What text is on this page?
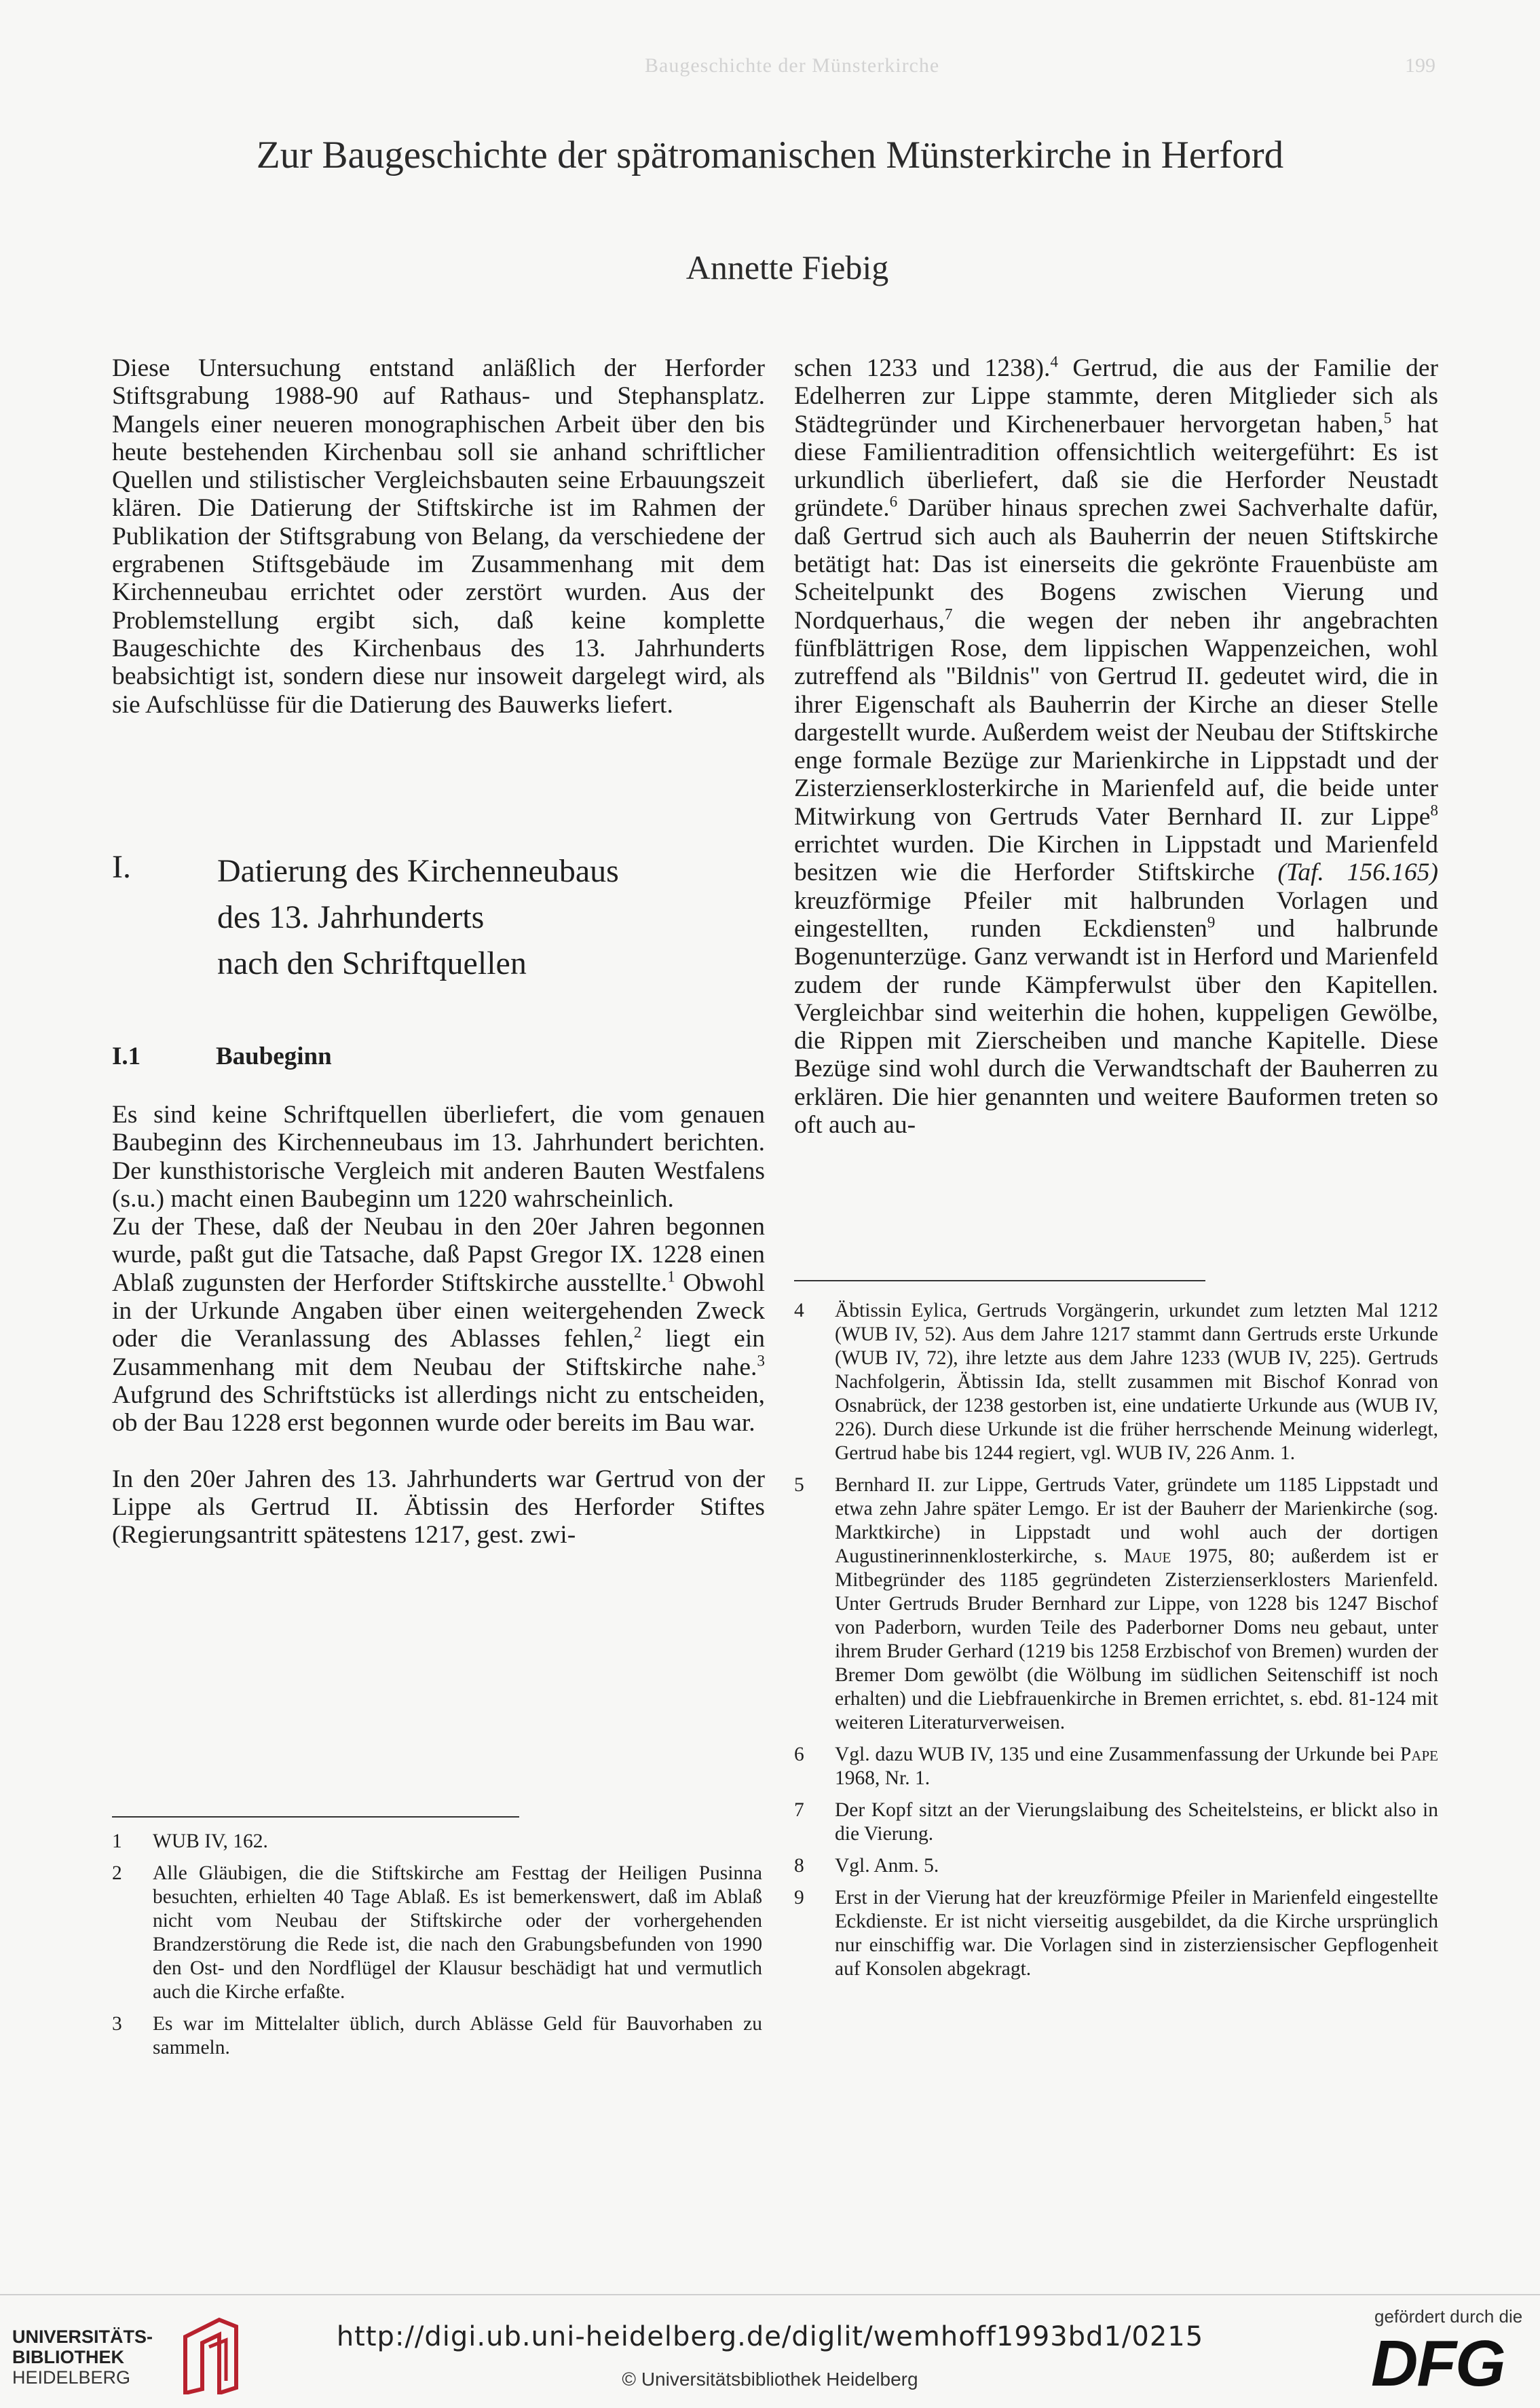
Baugeschichte der Münsterkirche	199
Zur Baugeschichte der spätromanischen Münsterkirche in Herford
Annette Fiebig

Diese Untersuchung entstand anläßlich der Herforder Stiftsgrabung 1988-90 auf Rathaus- und Stephansplatz. Mangels einer neueren monographischen Arbeit über den bis heute bestehenden Kirchenbau soll sie anhand schriftlicher Quellen und stilistischer Vergleichsbauten seine Erbauungszeit klären. Die Datierung der Stiftskirche ist im Rahmen der Publikation der Stiftsgrabung von Belang, da verschiedene der ergrabenen Stiftsgebäude im Zusammenhang mit dem Kirchenneubau errichtet oder zerstört wurden. Aus der Problemstellung ergibt sich, daß keine komplette Baugeschichte des Kirchenbaus des 13. Jahrhunderts beabsichtigt ist, sondern diese nur insoweit dargelegt wird, als sie Aufschlüsse für die Datierung des Bauwerks liefert.

I.	Datierung des Kirchenneubaus
des 13. Jahrhunderts
nach den Schriftquellen
I.1	Baubeginn

Es sind keine Schriftquellen überliefert, die vom genauen Baubeginn des Kirchenneubaus im 13. Jahrhundert berichten. Der kunsthistorische Vergleich mit anderen Bauten Westfalens (s.u.) macht einen Baubeginn um 1220 wahrscheinlich.

Zu der These, daß der Neubau in den 20er Jahren begonnen wurde, paßt gut die Tatsache, daß Papst Gregor IX. 1228 einen Ablaß zugunsten der Herforder Stiftskirche ausstellte.$^1$ Obwohl in der Urkunde Angaben über einen weitergehenden Zweck oder die Veranlassung des Ablasses fehlen,$^2$ liegt ein Zusammenhang mit dem Neubau der Stiftskirche nahe.$^3$ Aufgrund des Schriftstücks ist allerdings nicht zu entscheiden, ob der Bau 1228 erst begonnen wurde oder bereits im Bau war.

In den 20er Jahren des 13. Jahrhunderts war Gertrud von der Lippe als Gertrud II. Äbtissin des Herforder Stiftes (Regierungsantritt spätestens 1217, gest. zwi-

1 WUB IV, 162.
2 Alle Gläubigen, die die Stiftskirche am Festtag der Heiligen Pusinna besuchten, erhielten 40 Tage Ablaß. Es ist bemerkenswert, daß im Ablaß nicht vom Neubau der Stiftskirche oder der vorhergehenden Brandzerstörung die Rede ist, die nach den Grabungsbefunden von 1990 den Ost- und den Nordflügel der Klausur beschädigt hat und vermutlich auch die Kirche erfaßte.
3 Es war im Mittelalter üblich, durch Ablässe Geld für Bauvorhaben zu sammeln.

schen 1233 und 1238).$^4$ Gertrud, die aus der Familie der Edelherren zur Lippe stammte, deren Mitglieder sich als Städtegründer und Kirchenerbauer hervorgetan haben,$^5$ hat diese Familientradition offensichtlich weitergeführt: Es ist urkundlich überliefert, daß sie die Herforder Neustadt gründete.$^6$ Darüber hinaus sprechen zwei Sachverhalte dafür, daß Gertrud sich auch als Bauherrin der neuen Stiftskirche betätigt hat: Das ist einerseits die gekrönte Frauenbüste am Scheitelpunkt des Bogens zwischen Vierung und Nordquerhaus,$^7$ die wegen der neben ihr angebrachten fünfblättrigen Rose, dem lippischen Wappenzeichen, wohl zutreffend als "Bildnis" von Gertrud II. gedeutet wird, die in ihrer Eigenschaft als Bauherrin der Kirche an dieser Stelle dargestellt wurde. Außerdem weist der Neubau der Stiftskirche enge formale Bezüge zur Marienkirche in Lippstadt und der Zisterzienserklosterkirche in Marienfeld auf, die beide unter Mitwirkung von Gertruds Vater Bernhard II. zur Lippe$^8$ errichtet wurden. Die Kirchen in Lippstadt und Marienfeld besitzen wie die Herforder Stiftskirche (Taf. 156.165) kreuzförmige Pfeiler mit halbrunden Vorlagen und eingestellten, runden Eckdiensten$^9$ und halbrunde Bogenunterzüge. Ganz verwandt ist in Herford und Marienfeld zudem der runde Kämpferwulst über den Kapitellen. Vergleichbar sind weiterhin die hohen, kuppeligen Gewölbe, die Rippen mit Zierscheiben und manche Kapitelle. Diese Bezüge sind wohl durch die Verwandtschaft der Bauherren zu erklären. Die hier genannten und weitere Bauformen treten so oft auch au-

4 Äbtissin Eylica, Gertruds Vorgängerin, urkundet zum letzten Mal 1212 (WUB IV, 52). Aus dem Jahre 1217 stammt dann Gertruds erste Urkunde (WUB IV, 72), ihre letzte aus dem Jahre 1233 (WUB IV, 225). Gertruds Nachfolgerin, Äbtissin Ida, stellt zusammen mit Bischof Konrad von Osnabrück, der 1238 gestorben ist, eine undatierte Urkunde aus (WUB IV, 226). Durch diese Urkunde ist die früher herrschende Meinung widerlegt, Gertrud habe bis 1244 regiert, vgl. WUB IV, 226 Anm. 1.
5 Bernhard II. zur Lippe, Gertruds Vater, gründete um 1185 Lippstadt und etwa zehn Jahre später Lemgo. Er ist der Bauherr der Marienkirche (sog. Marktkirche) in Lippstadt und wohl auch der dortigen Augustinerinnenklosterkirche, s. Maue 1975, 80; außerdem ist er Mitbegründer des 1185 gegründeten Zisterzienserklosters Marienfeld. Unter Gertruds Bruder Bernhard zur Lippe, von 1228 bis 1247 Bischof von Paderborn, wurden Teile des Paderborner Doms neu gebaut, unter ihrem Bruder Gerhard (1219 bis 1258 Erzbischof von Bremen) wurden der Bremer Dom gewölbt (die Wölbung im südlichen Seitenschiff ist noch erhalten) und die Liebfrauenkirche in Bremen errichtet, s. ebd. 81-124 mit weiteren Literaturverweisen.
6 Vgl. dazu WUB IV, 135 und eine Zusammenfassung der Urkunde bei Pape 1968, Nr. 1.
7 Der Kopf sitzt an der Vierungslaibung des Scheitelsteins, er blickt also in die Vierung.
8 Vgl. Anm. 5.
9 Erst in der Vierung hat der kreuzförmige Pfeiler in Marienfeld eingestellte Eckdienste. Er ist nicht vierseitig ausgebildet, da die Kirche ursprünglich nur einschiffig war. Die Vorlagen sind in zisterziensischer Gepflogenheit auf Konsolen abgekragt.
UNIVERSITÄTS-
BIBLIOTHEK
HEIDELBERG
http://digi.ub.uni-heidelberg.de/diglit/wemhoff1993bd1/0215
© Universitätsbibliothek Heidelberg
gefördert durch die
DFG
